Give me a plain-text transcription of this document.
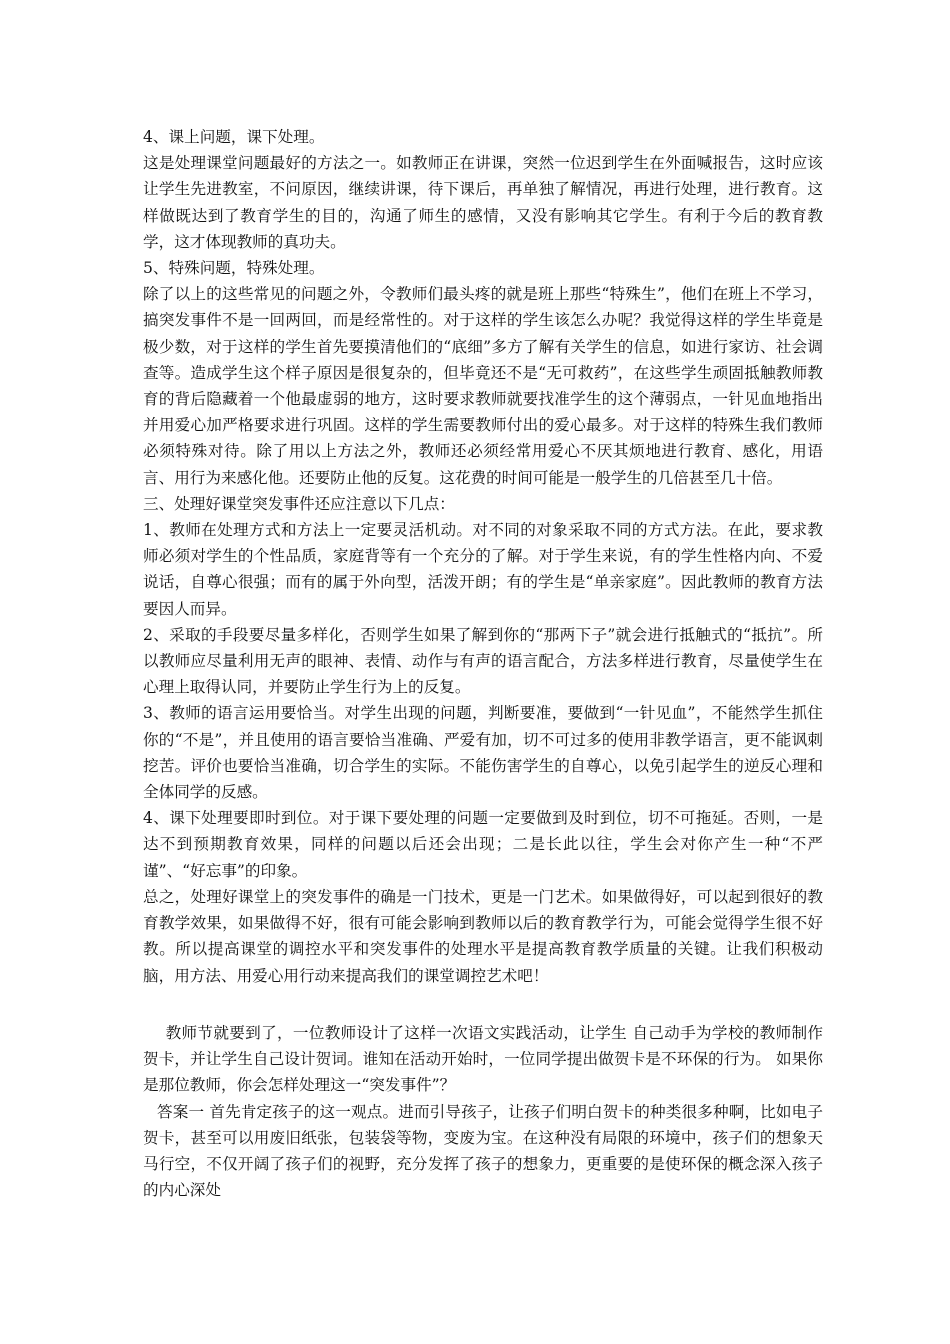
4、课上问题，课下处理。

这是处理课堂问题最好的方法之一。如教师正在讲课，突然一位迟到学生在外面喊报告，这时应该让学生先进教室，不问原因，继续讲课，待下课后，再单独了解情况，再进行处理，进行教育。这样做既达到了教育学生的目的，沟通了师生的感情，又没有影响其它学生。有利于今后的教育教学，这才体现教师的真功夫。

5、特殊问题，特殊处理。

除了以上的这些常见的问题之外，令教师们最头疼的就是班上那些“特殊生”，他们在班上不学习，搞突发事件不是一回两回，而是经常性的。对于这样的学生该怎么办呢？我觉得这样的学生毕竟是极少数，对于这样的学生首先要摸清他们的“底细”多方了解有关学生的信息，如进行家访、社会调查等。造成学生这个样子原因是很复杂的，但毕竟还不是“无可救药”，在这些学生顽固抵触教师教育的背后隐藏着一个他最虚弱的地方，这时要求教师就要找准学生的这个薄弱点，一针见血地指出并用爱心加严格要求进行巩固。这样的学生需要教师付出的爱心最多。对于这样的特殊生我们教师必须特殊对待。除了用以上方法之外，教师还必须经常用爱心不厌其烦地进行教育、感化，用语言、用行为来感化他。还要防止他的反复。这花费的时间可能是一般学生的几倍甚至几十倍。

三、处理好课堂突发事件还应注意以下几点：

1、教师在处理方式和方法上一定要灵活机动。对不同的对象采取不同的方式方法。在此，要求教师必须对学生的个性品质，家庭背等有一个充分的了解。对于学生来说，有的学生性格内向、不爱说话，自尊心很强；而有的属于外向型，活泼开朗；有的学生是“单亲家庭”。因此教师的教育方法要因人而异。

2、采取的手段要尽量多样化，否则学生如果了解到你的“那两下子”就会进行抵触式的“抵抗”。所以教师应尽量利用无声的眼神、表情、动作与有声的语言配合，方法多样进行教育，尽量使学生在心理上取得认同，并要防止学生行为上的反复。

3、教师的语言运用要恰当。对学生出现的问题，判断要准，要做到“一针见血”，不能然学生抓住你的“不是”，并且使用的语言要恰当准确、严爱有加，切不可过多的使用非教学语言，更不能讽刺挖苦。评价也要恰当准确，切合学生的实际。不能伤害学生的自尊心，以免引起学生的逆反心理和全体同学的反感。

4、课下处理要即时到位。对于课下要处理的问题一定要做到及时到位，切不可拖延。否则，一是达不到预期教育效果，同样的问题以后还会出现；二是长此以往，学生会对你产生一种“不严谨”、“好忘事”的印象。

总之，处理好课堂上的突发事件的确是一门技术，更是一门艺术。如果做得好，可以起到很好的教育教学效果，如果做得不好，很有可能会影响到教师以后的教育教学行为，可能会觉得学生很不好教。所以提高课堂的调控水平和突发事件的处理水平是提高教育教学质量的关键。让我们积极动脑，用方法、用爱心用行动来提高我们的课堂调控艺术吧！

教师节就要到了，一位教师设计了这样一次语文实践活动，让学生 自己动手为学校的教师制作贺卡，并让学生自己设计贺词。谁知在活动开始时，一位同学提出做贺卡是不环保的行为。 如果你是那位教师，你会怎样处理这一“突发事件”？

答案一 首先肯定孩子的这一观点。进而引导孩子，让孩子们明白贺卡的种类很多种啊，比如电子贺卡，甚至可以用废旧纸张，包装袋等物，变废为宝。在这种没有局限的环境中，孩子们的想象天马行空，不仅开阔了孩子们的视野，充分发挥了孩子的想象力，更重要的是使环保的概念深入孩子的内心深处
